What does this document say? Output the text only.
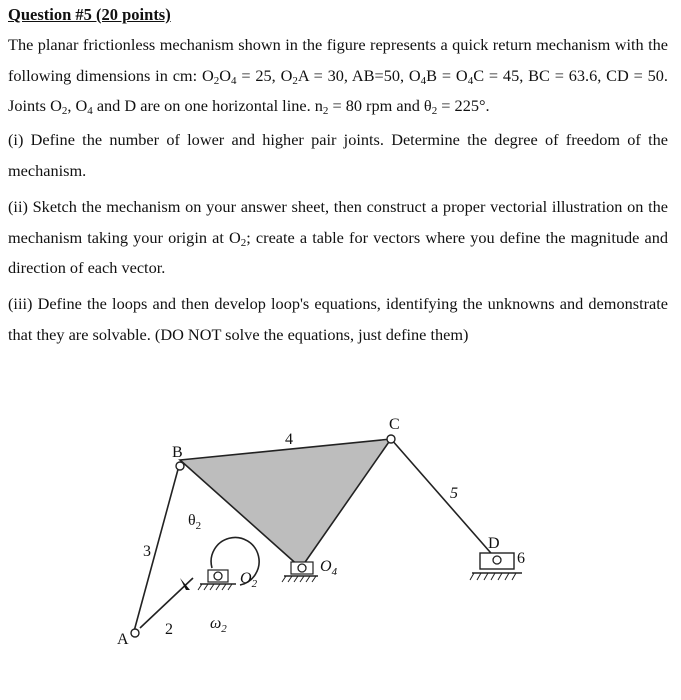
Question #5 (20 points)

The planar frictionless mechanism shown in the figure represents a quick return mechanism with the following dimensions in cm: $O_2O_4 = 25$, $O_2A = 30$, AB=50, $O_4B = O_4C = 45$, BC = 63.6, CD = 50. Joints $O_2$, $O_4$ and D are on one horizontal line. $n_2 = 80$ rpm and $\theta_2 = 225^\circ$.

(i) Define the number of lower and higher pair joints. Determine the degree of freedom of the mechanism.

(ii) Sketch the mechanism on your answer sheet, then construct a proper vectorial illustration on the mechanism taking your origin at $O_2$; create a table for vectors where you define the magnitude and direction of each vector.

(iii) Define the loops and then develop loop's equations, identifying the unknowns and demonstrate that they are solvable. (DO NOT solve the equations, just define them)

B
C
A
D
2
3
4
5
6
$\theta_2$
$\omega_2$
$O_2$
$O_4$
